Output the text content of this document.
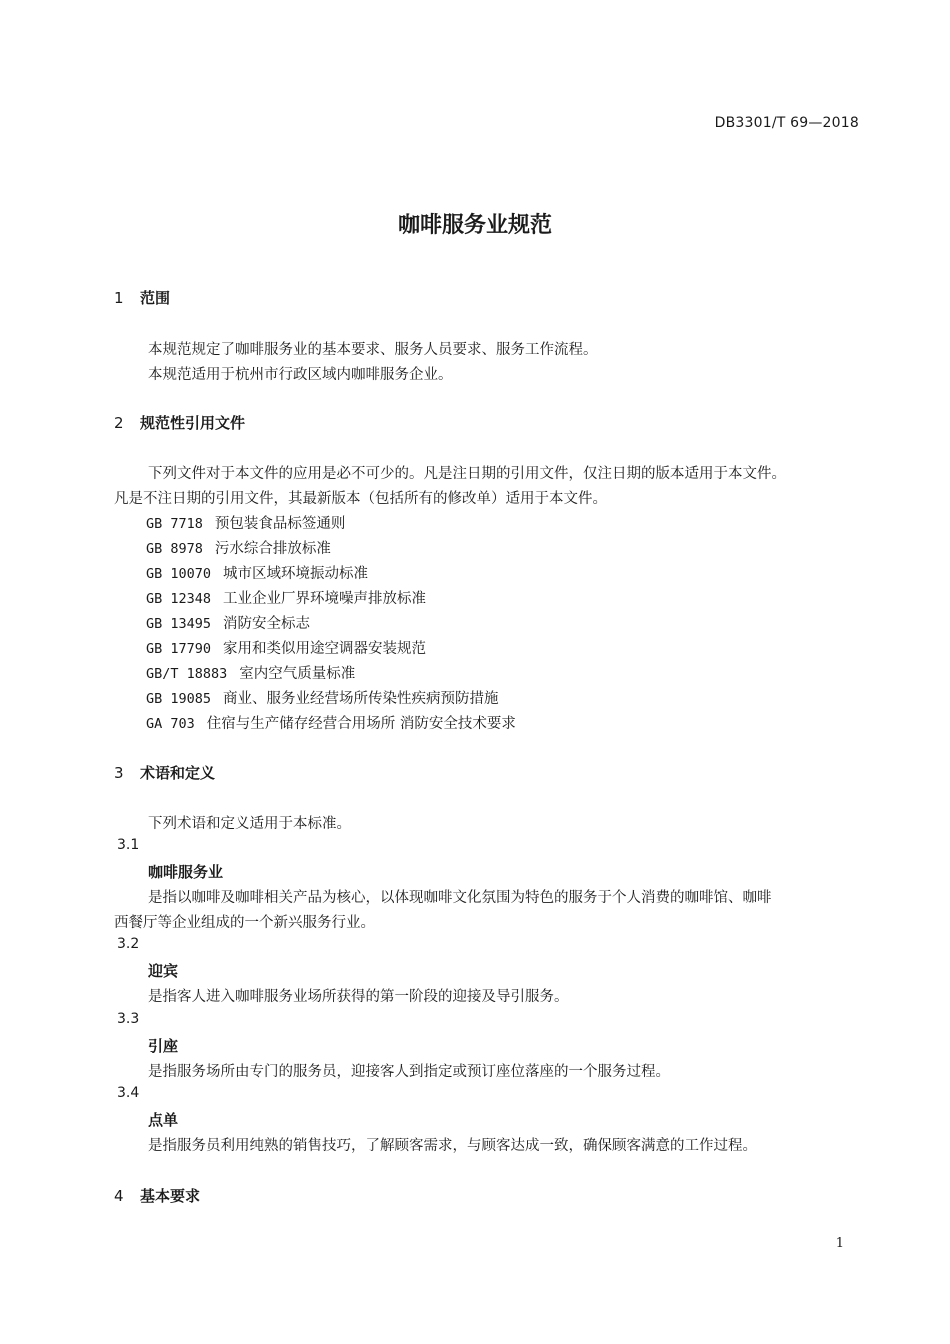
DB3301/T 69—2018
咖啡服务业规范
1 范围
本规范规定了咖啡服务业的基本要求、服务人员要求、服务工作流程。
本规范适用于杭州市行政区域内咖啡服务企业。
2 规范性引用文件
下列文件对于本文件的应用是必不可少的。凡是注日期的引用文件，仅注日期的版本适用于本文件。
凡是不注日期的引用文件，其最新版本（包括所有的修改单）适用于本文件。
GB 7718 预包装食品标签通则
GB 8978 污水综合排放标准
GB 10070 城市区域环境振动标准
GB 12348 工业企业厂界环境噪声排放标准
GB 13495 消防安全标志
GB 17790 家用和类似用途空调器安装规范
GB/T 18883 室内空气质量标准
GB 19085 商业、服务业经营场所传染性疾病预防措施
GA 703 住宿与生产储存经营合用场所 消防安全技术要求
3 术语和定义
下列术语和定义适用于本标准。
3.1
咖啡服务业
是指以咖啡及咖啡相关产品为核心，以体现咖啡文化氛围为特色的服务于个人消费的咖啡馆、咖啡
西餐厅等企业组成的一个新兴服务行业。
3.2
迎宾
是指客人进入咖啡服务业场所获得的第一阶段的迎接及导引服务。
3.3
引座
是指服务场所由专门的服务员，迎接客人到指定或预订座位落座的一个服务过程。
3.4
点单
是指服务员利用纯熟的销售技巧，了解顾客需求，与顾客达成一致，确保顾客满意的工作过程。
4 基本要求
1
